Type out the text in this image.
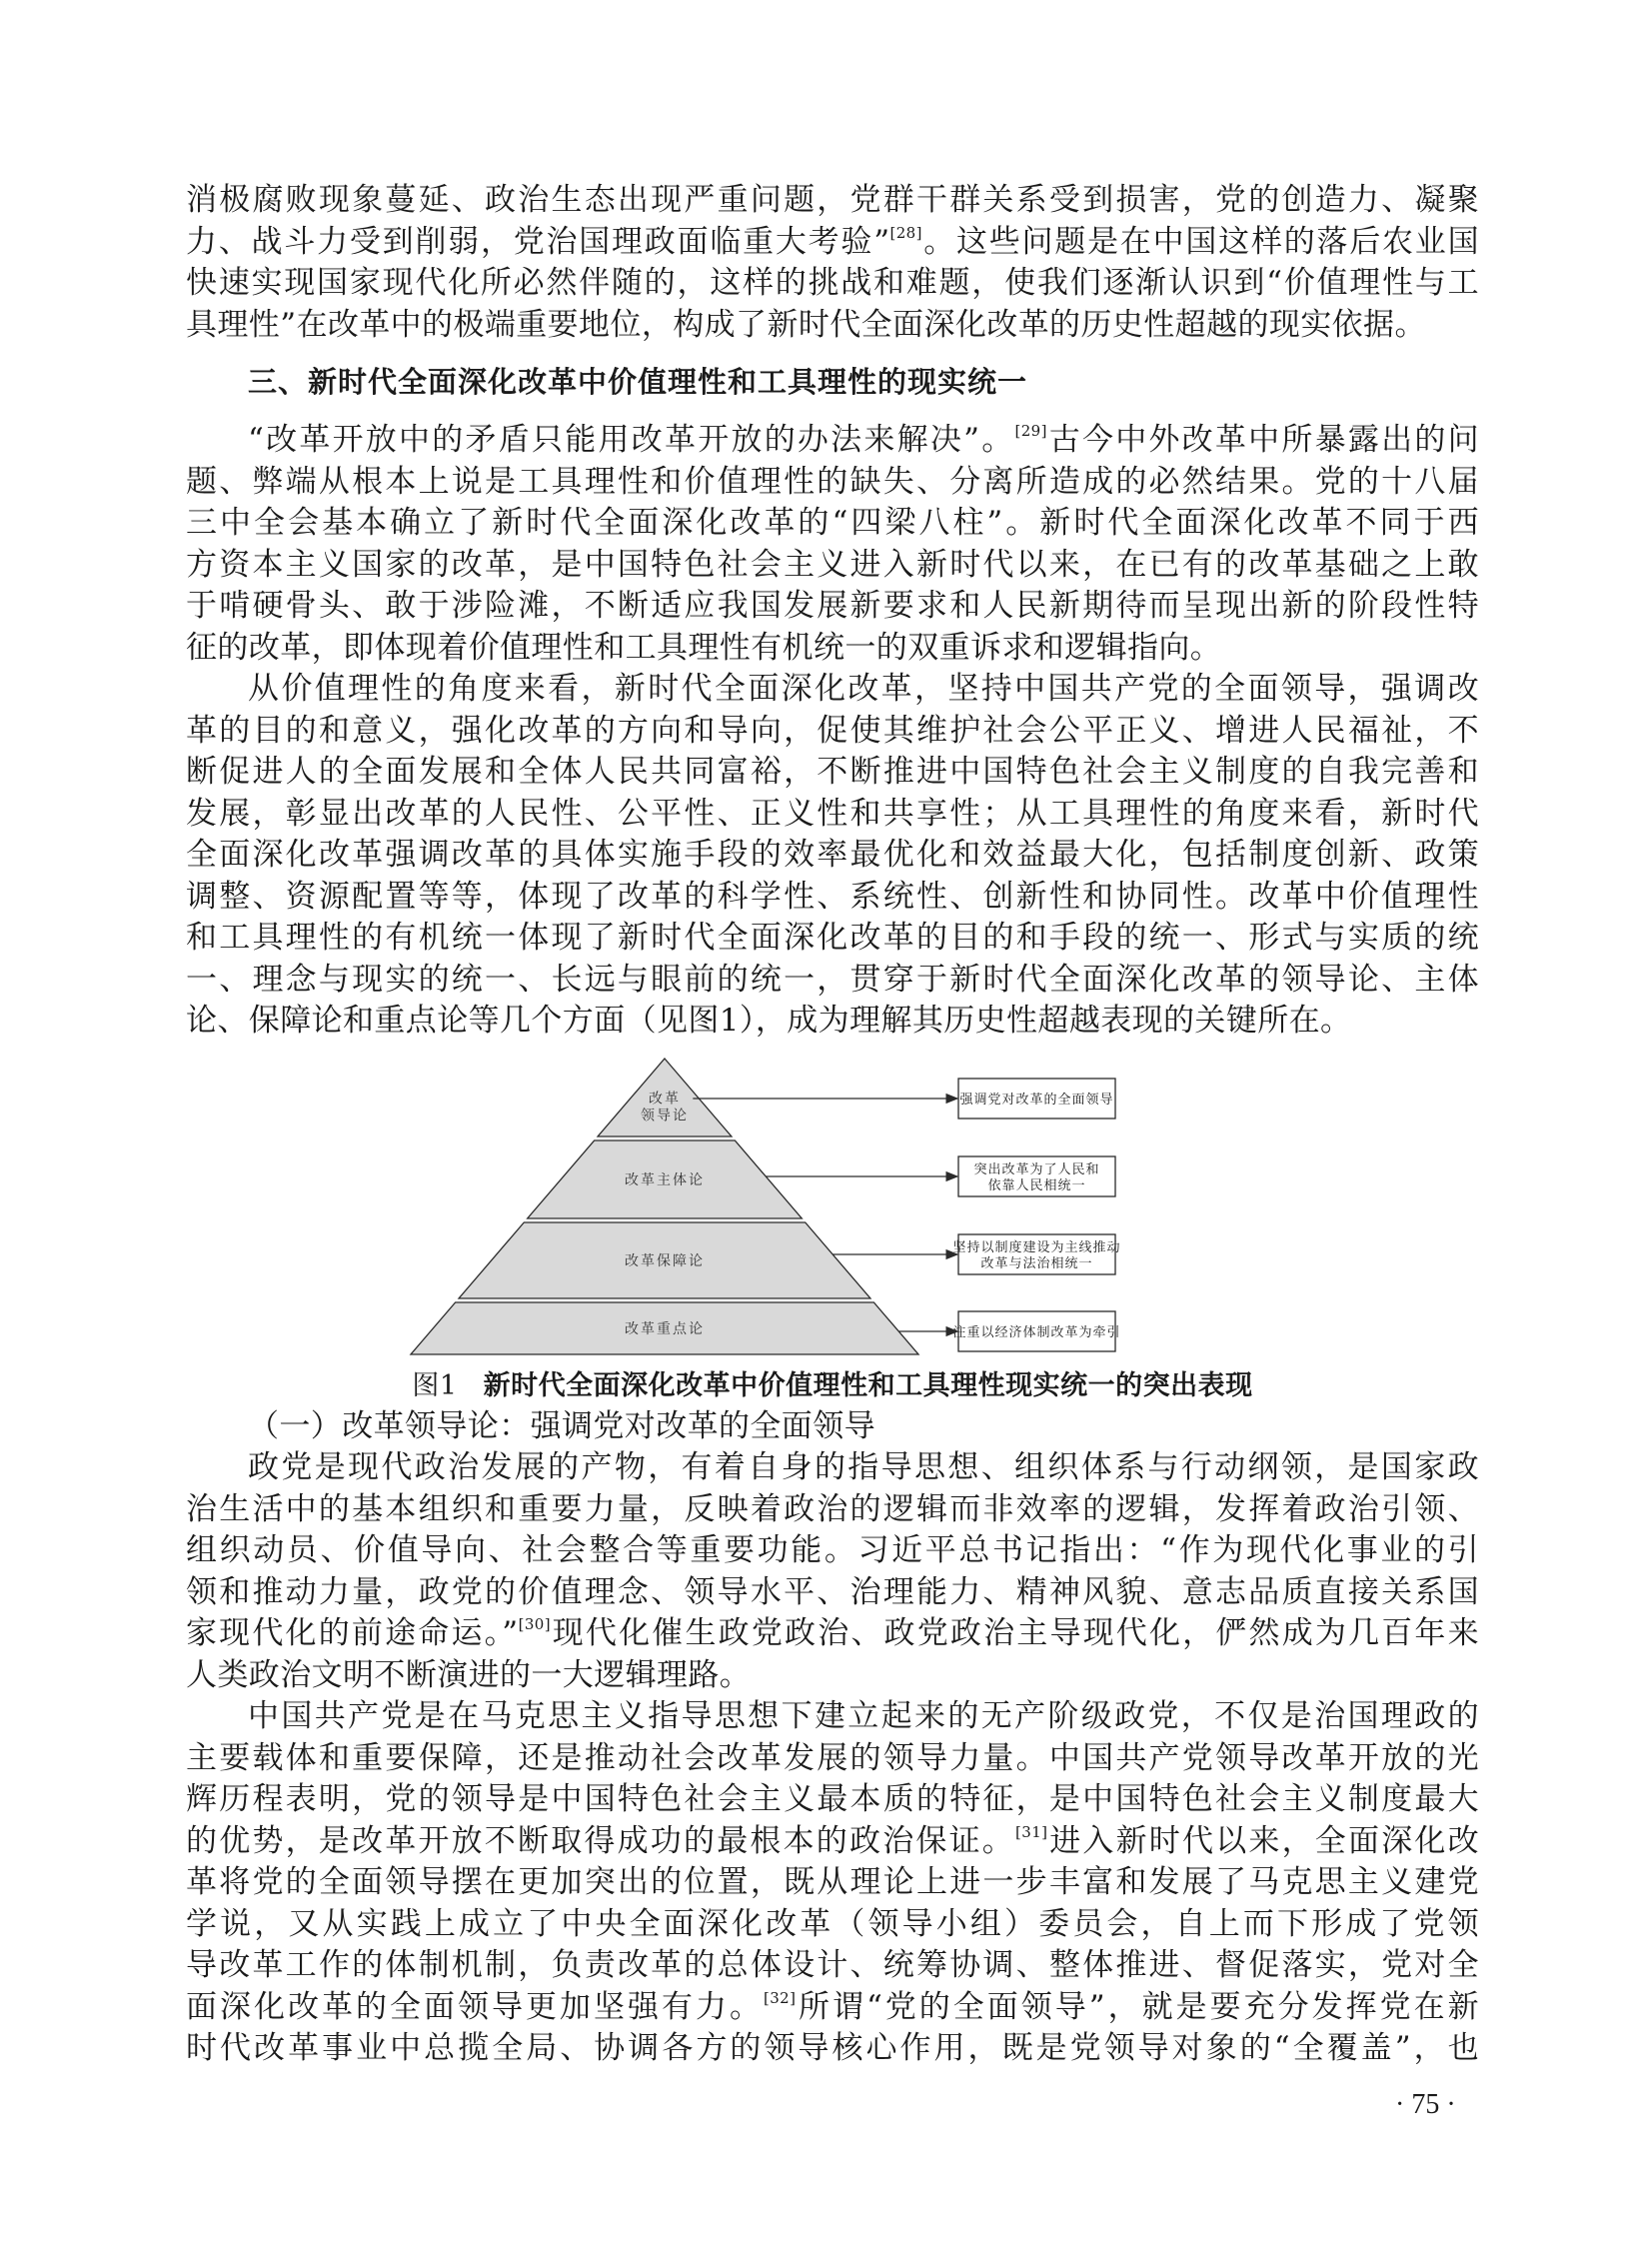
消极腐败现象蔓延、政治生态出现严重问题，党群干群关系受到损害，党的创造力、凝聚
力、战斗力受到削弱，党治国理政面临重大考验”[28]。这些问题是在中国这样的落后农业国
快速实现国家现代化所必然伴随的，这样的挑战和难题，使我们逐渐认识到“价值理性与工
具理性”在改革中的极端重要地位，构成了新时代全面深化改革的历史性超越的现实依据。
三、新时代全面深化改革中价值理性和工具理性的现实统一
“改革开放中的矛盾只能用改革开放的办法来解决”。[29]古今中外改革中所暴露出的问
题、弊端从根本上说是工具理性和价值理性的缺失、分离所造成的必然结果。党的十八届
三中全会基本确立了新时代全面深化改革的“四梁八柱”。新时代全面深化改革不同于西
方资本主义国家的改革，是中国特色社会主义进入新时代以来，在已有的改革基础之上敢
于啃硬骨头、敢于涉险滩，不断适应我国发展新要求和人民新期待而呈现出新的阶段性特
征的改革，即体现着价值理性和工具理性有机统一的双重诉求和逻辑指向。
从价值理性的角度来看，新时代全面深化改革，坚持中国共产党的全面领导，强调改
革的目的和意义，强化改革的方向和导向，促使其维护社会公平正义、增进人民福祉，不
断促进人的全面发展和全体人民共同富裕，不断推进中国特色社会主义制度的自我完善和
发展，彰显出改革的人民性、公平性、正义性和共享性；从工具理性的角度来看，新时代
全面深化改革强调改革的具体实施手段的效率最优化和效益最大化，包括制度创新、政策
调整、资源配置等等，体现了改革的科学性、系统性、创新性和协同性。改革中价值理性
和工具理性的有机统一体现了新时代全面深化改革的目的和手段的统一、形式与实质的统
一、理念与现实的统一、长远与眼前的统一，贯穿于新时代全面深化改革的领导论、主体
论、保障论和重点论等几个方面（见图1），成为理解其历史性超越表现的关键所在。
改革
领导论
强调党对改革的全面领导
改革主体论
突出改革为了人民和
依靠人民相统一
改革保障论
坚持以制度建设为主线推动
改革与法治相统一
改革重点论	注重以经济体制改革为牵引
图1 新时代全面深化改革中价值理性和工具理性现实统一的突出表现
（一）改革领导论：强调党对改革的全面领导
政党是现代政治发展的产物，有着自身的指导思想、组织体系与行动纲领，是国家政
治生活中的基本组织和重要力量，反映着政治的逻辑而非效率的逻辑，发挥着政治引领、
组织动员、价值导向、社会整合等重要功能。习近平总书记指出：“作为现代化事业的引
领和推动力量，政党的价值理念、领导水平、治理能力、精神风貌、意志品质直接关系国
家现代化的前途命运。”[30]现代化催生政党政治、政党政治主导现代化，俨然成为几百年来
人类政治文明不断演进的一大逻辑理路。
中国共产党是在马克思主义指导思想下建立起来的无产阶级政党，不仅是治国理政的
主要载体和重要保障，还是推动社会改革发展的领导力量。中国共产党领导改革开放的光
辉历程表明，党的领导是中国特色社会主义最本质的特征，是中国特色社会主义制度最大
的优势，是改革开放不断取得成功的最根本的政治保证。[31]进入新时代以来，全面深化改
革将党的全面领导摆在更加突出的位置，既从理论上进一步丰富和发展了马克思主义建党
学说，又从实践上成立了中央全面深化改革（领导小组）委员会，自上而下形成了党领
导改革工作的体制机制，负责改革的总体设计、统筹协调、整体推进、督促落实，党对全
面深化改革的全面领导更加坚强有力。[32]所谓“党的全面领导”，就是要充分发挥党在新
时代改革事业中总揽全局、协调各方的领导核心作用，既是党领导对象的“全覆盖”，也
· 75 ·
